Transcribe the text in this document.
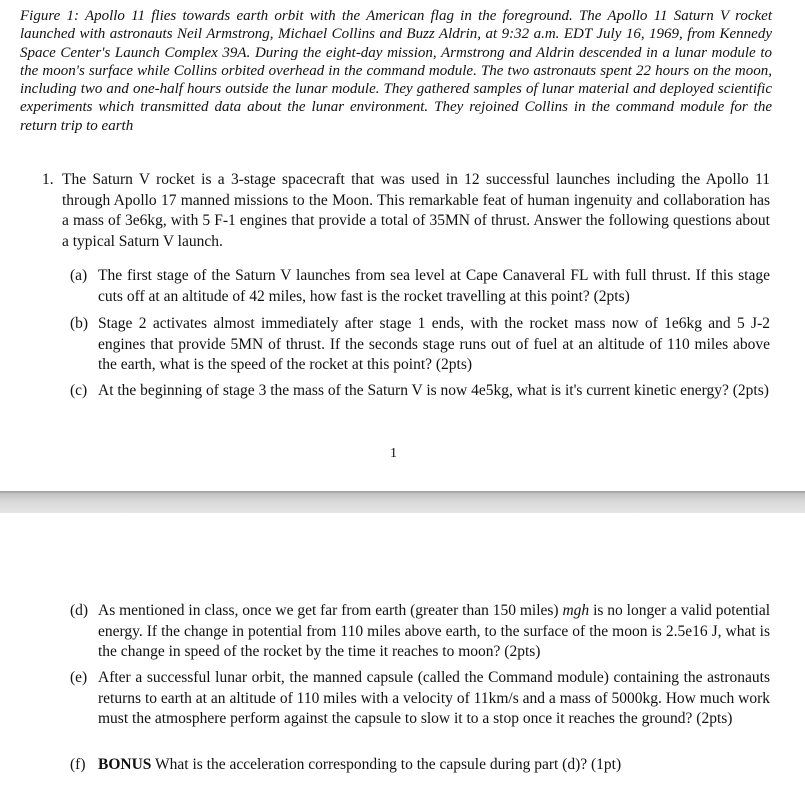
Figure 1: Apollo 11 flies towards earth orbit with the American flag in the foreground. The Apollo 11 Saturn V rocket launched with astronauts Neil Armstrong, Michael Collins and Buzz Aldrin, at 9:32 a.m. EDT July 16, 1969, from Kennedy Space Center's Launch Complex 39A. During the eight-day mission, Armstrong and Aldrin descended in a lunar module to the moon's surface while Collins orbited overhead in the command module. The two astronauts spent 22 hours on the moon, including two and one-half hours outside the lunar module. They gathered samples of lunar material and deployed scientific experiments which transmitted data about the lunar environment. They rejoined Collins in the command module for the return trip to earth
1. The Saturn V rocket is a 3-stage spacecraft that was used in 12 successful launches including the Apollo 11 through Apollo 17 manned missions to the Moon. This remarkable feat of human ingenuity and collaboration has a mass of 3e6kg, with 5 F-1 engines that provide a total of 35MN of thrust. Answer the following questions about a typical Saturn V launch.
(a) The first stage of the Saturn V launches from sea level at Cape Canaveral FL with full thrust. If this stage cuts off at an altitude of 42 miles, how fast is the rocket travelling at this point? (2pts)
(b) Stage 2 activates almost immediately after stage 1 ends, with the rocket mass now of 1e6kg and 5 J-2 engines that provide 5MN of thrust. If the seconds stage runs out of fuel at an altitude of 110 miles above the earth, what is the speed of the rocket at this point? (2pts)
(c) At the beginning of stage 3 the mass of the Saturn V is now 4e5kg, what is it's current kinetic energy? (2pts)
1
(d) As mentioned in class, once we get far from earth (greater than 150 miles) mgh is no longer a valid potential energy. If the change in potential from 110 miles above earth, to the surface of the moon is 2.5e16 J, what is the change in speed of the rocket by the time it reaches to moon? (2pts)
(e) After a successful lunar orbit, the manned capsule (called the Command module) containing the astronauts returns to earth at an altitude of 110 miles with a velocity of 11km/s and a mass of 5000kg. How much work must the atmosphere perform against the capsule to slow it to a stop once it reaches the ground? (2pts)
(f) BONUS What is the acceleration corresponding to the capsule during part (d)? (1pt)
